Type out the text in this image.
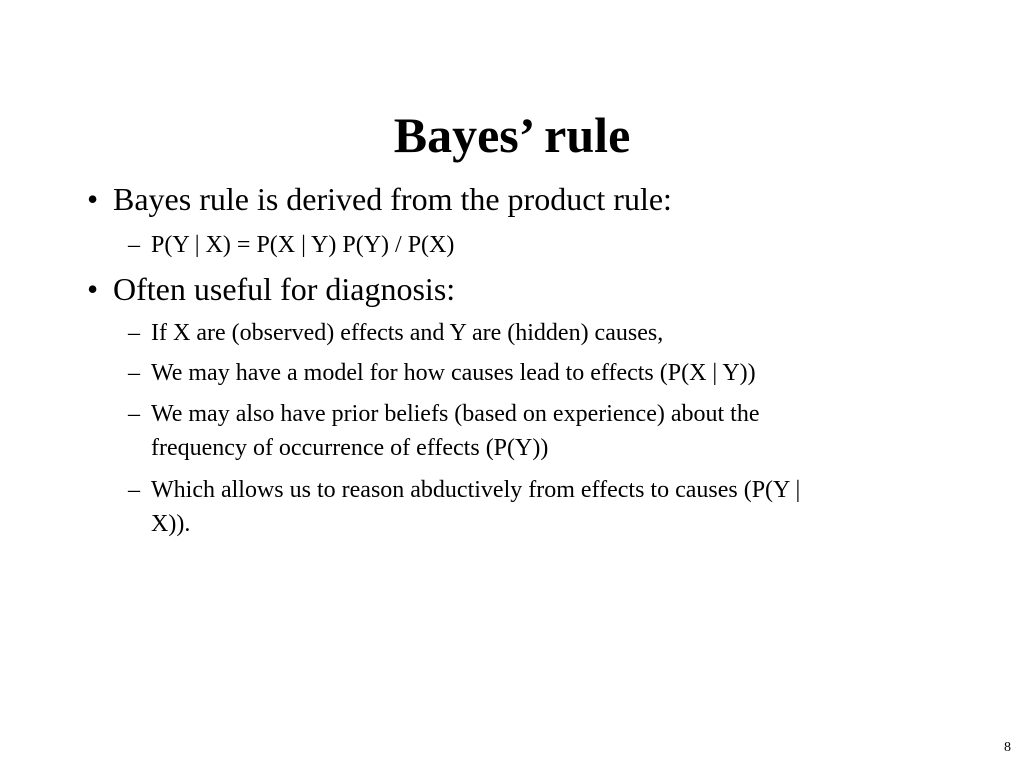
Bayes’ rule
• Bayes rule is derived from the product rule:
– P(Y | X) = P(X | Y) P(Y) / P(X)
• Often useful for diagnosis:
– If X are (observed) effects and Y are (hidden) causes,
– We may have a model for how causes lead to effects (P(X | Y))
– We may also have prior beliefs (based on experience) about the
frequency of occurrence of effects (P(Y))
– Which allows us to reason abductively from effects to causes (P(Y |
X)).
8
